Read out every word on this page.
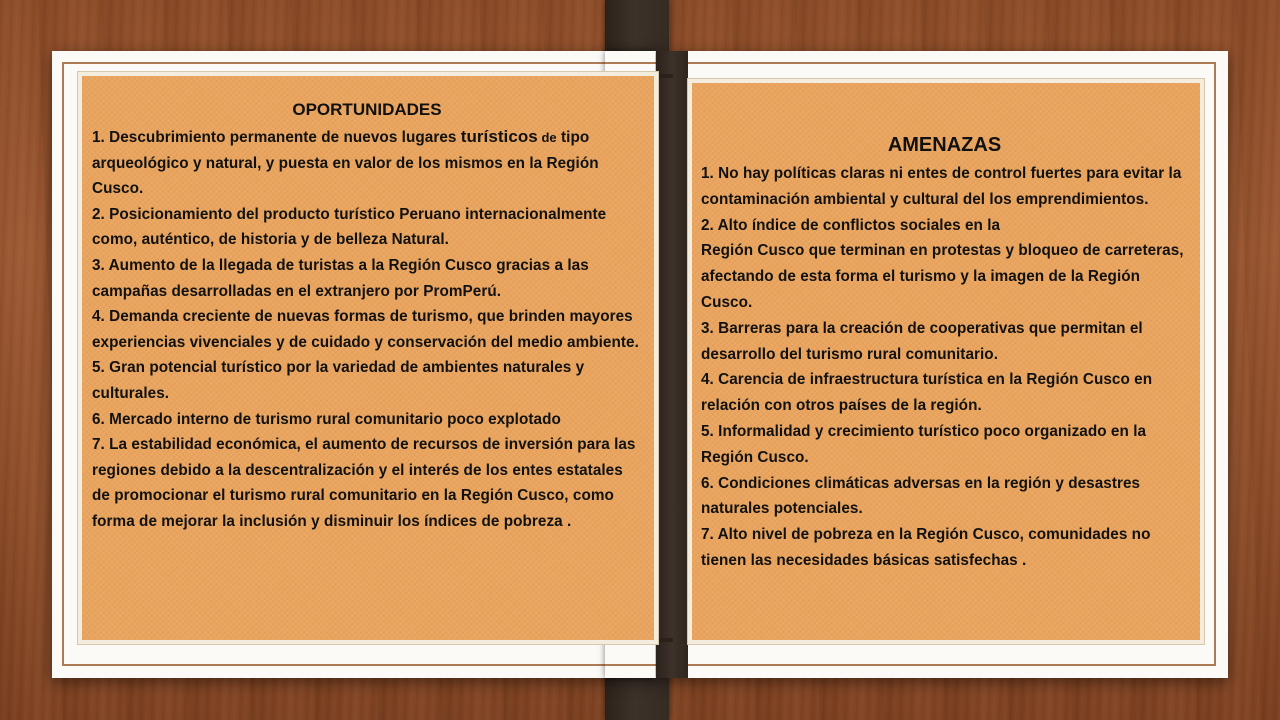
OPORTUNIDADES

1. Descubrimiento permanente de nuevos lugares turísticos de tipo arqueológico y natural, y puesta en valor de los mismos en la Región Cusco.

2. Posicionamiento del producto turístico Peruano internacionalmente como, auténtico, de historia y de belleza Natural.

3. Aumento de la llegada de turistas a la Región Cusco gracias a las campañas desarrolladas en el extranjero por PromPerú.

4. Demanda creciente de nuevas formas de turismo, que brinden mayores experiencias vivenciales y de cuidado y conservación del medio ambiente.

5. Gran potencial turístico por la variedad de ambientes naturales y culturales.

6. Mercado interno de turismo rural comunitario poco explotado

7. La estabilidad económica, el aumento de recursos de inversión para las regiones debido a la descentralización y el interés de los entes estatales de promocionar el turismo rural comunitario en la Región Cusco, como forma de mejorar la inclusión y disminuir los índices de pobreza .

AMENAZAS

1. No hay políticas claras ni entes de control fuertes para evitar la contaminación ambiental y cultural del los emprendimientos.

2. Alto índice de conflictos sociales en la

Región Cusco que terminan en protestas y bloqueo de carreteras, afectando de esta forma el turismo y la imagen de la Región Cusco.

3. Barreras para la creación de cooperativas que permitan el desarrollo del turismo rural comunitario.

4. Carencia de infraestructura turística en la Región Cusco en relación con otros países de la región.

5. Informalidad y crecimiento turístico poco organizado en la Región Cusco.

6. Condiciones climáticas adversas en la región y desastres naturales potenciales.

7. Alto nivel de pobreza en la Región Cusco, comunidades no tienen las necesidades básicas satisfechas .
